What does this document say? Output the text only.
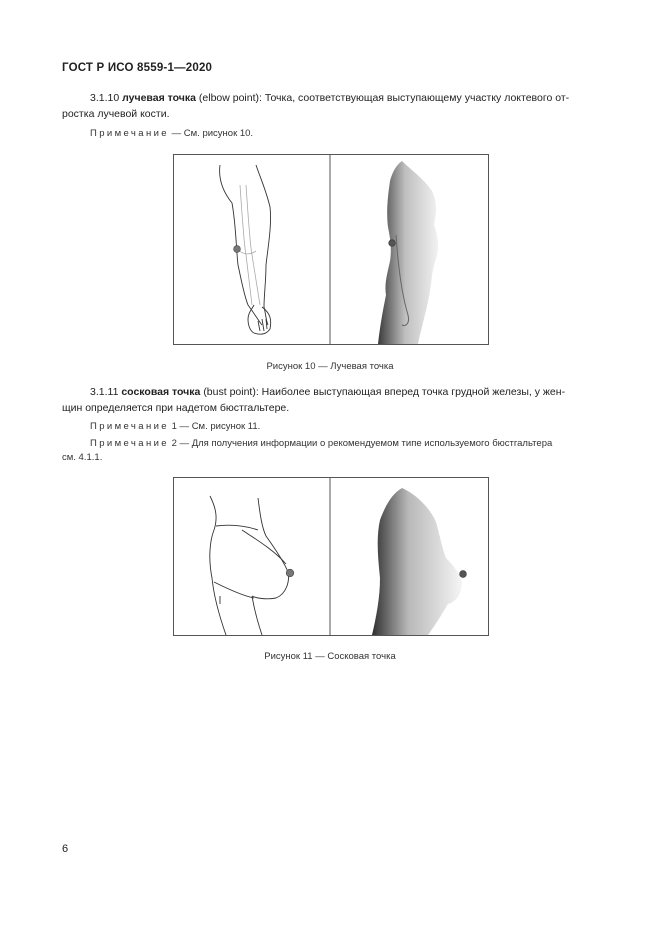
ГОСТ Р ИСО 8559-1—2020
3.1.10 лучевая точка (elbow point): Точка, соответствующая выступающему участку локтевого от-
ростка лучевой кости.
Примечание — См. рисунок 10.
Рисунок 10 — Лучевая точка
3.1.11 сосковая точка (bust point): Наиболее выступающая вперед точка грудной железы, у жен-
щин определяется при надетом бюстгальтере.
Примечание 1 — См. рисунок 11.
Примечание 2 — Для получения информации о рекомендуемом типе используемого бюстгальтера
см. 4.1.1.
Рисунок 11 — Сосковая точка
6
